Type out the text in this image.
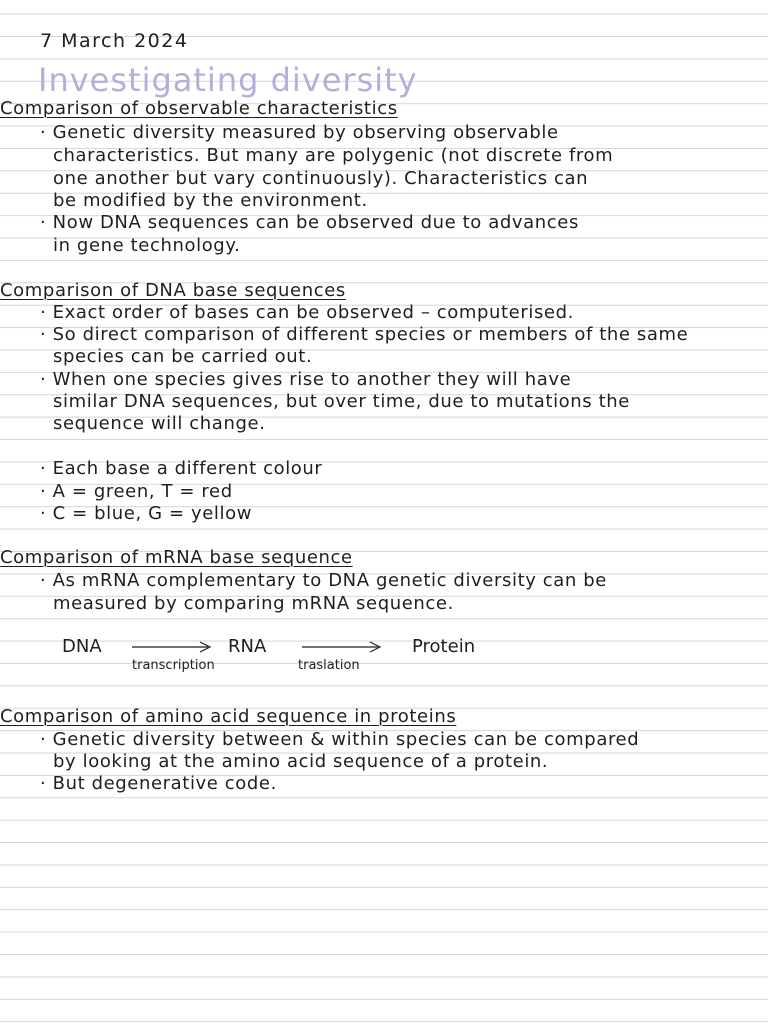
7 March 2024
Investigating diversity
Comparison of observable characteristics
· Genetic diversity measured by observing observable
characteristics. But many are polygenic (not discrete from
one another but vary continuously). Characteristics can
be modified by the environment.
· Now DNA sequences can be observed due to advances
in gene technology.
Comparison of DNA base sequences
· Exact order of bases can be observed – computerised.
· So direct comparison of different species or members of the same
species can be carried out.
· When one species gives rise to another they will have
similar DNA sequences, but over time, due to mutations the
sequence will change.
· Each base a different colour
· A = green, T = red
· C = blue, G = yellow
Comparison of mRNA base sequence
· As mRNA complementary to DNA genetic diversity can be
measured by comparing mRNA sequence.
DNA
transcription
RNA
traslation
Protein
Comparison of amino acid sequence in proteins
· Genetic diversity between & within species can be compared
by looking at the amino acid sequence of a protein.
· But degenerative code.
